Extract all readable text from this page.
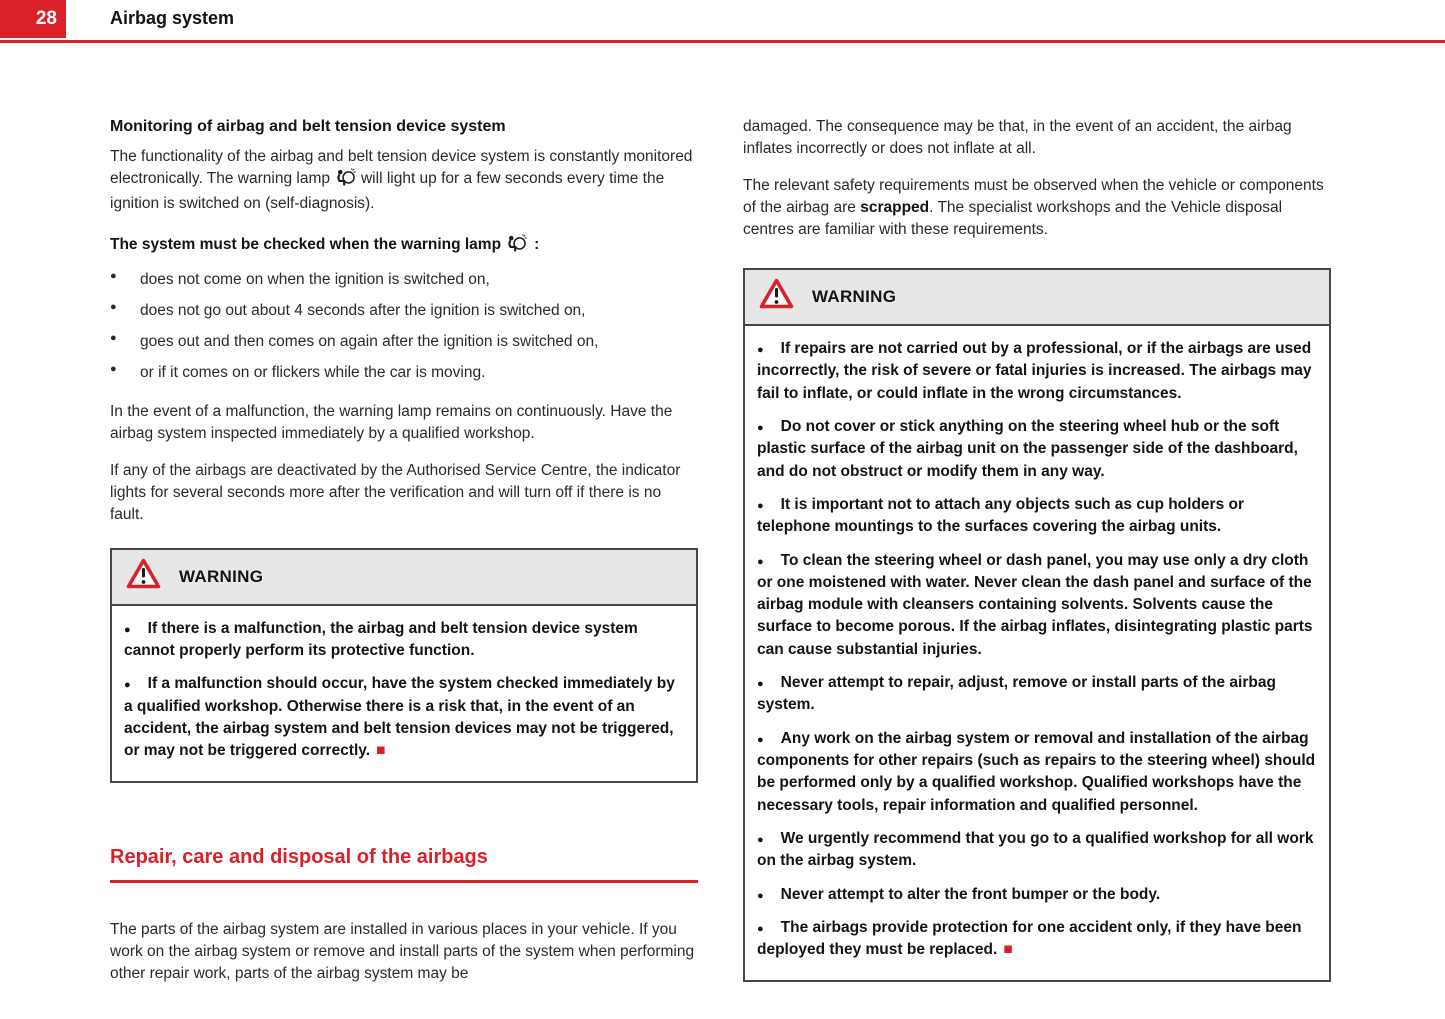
28	Airbag system
Monitoring of airbag and belt tension device system

The functionality of the airbag and belt tension device system is constantly monitored electronically. The warning lamp will light up for a few seconds every time the ignition is switched on (self-diagnosis).

The system must be checked when the warning lamp :
●	does not come on when the ignition is switched on,
●	does not go out about 4 seconds after the ignition is switched on,
●	goes out and then comes on again after the ignition is switched on,
●	or if it comes on or flickers while the car is moving.

In the event of a malfunction, the warning lamp remains on continuously. Have the airbag system inspected immediately by a qualified workshop.

If any of the airbags are deactivated by the Authorised Service Centre, the indicator lights for several seconds more after the verification and will turn off if there is no fault.

WARNING

● If there is a malfunction, the airbag and belt tension device system cannot properly perform its protective function.

● If a malfunction should occur, have the system checked immediately by a qualified workshop. Otherwise there is a risk that, in the event of an accident, the airbag system and belt tension devices may not be triggered, or may not be triggered correctly. ■

Repair, care and disposal of the airbags

The parts of the airbag system are installed in various places in your vehicle. If you work on the airbag system or remove and install parts of the system when performing other repair work, parts of the airbag system may be

damaged. The consequence may be that, in the event of an accident, the airbag inflates incorrectly or does not inflate at all.

The relevant safety requirements must be observed when the vehicle or components of the airbag are scrapped. The specialist workshops and the Vehicle disposal centres are familiar with these requirements.

WARNING

● If repairs are not carried out by a professional, or if the airbags are used incorrectly, the risk of severe or fatal injuries is increased. The airbags may fail to inflate, or could inflate in the wrong circumstances.

● Do not cover or stick anything on the steering wheel hub or the soft plastic surface of the airbag unit on the passenger side of the dashboard, and do not obstruct or modify them in any way.

● It is important not to attach any objects such as cup holders or telephone mountings to the surfaces covering the airbag units.

● To clean the steering wheel or dash panel, you may use only a dry cloth or one moistened with water. Never clean the dash panel and surface of the airbag module with cleansers containing solvents. Solvents cause the surface to become porous. If the airbag inflates, disintegrating plastic parts can cause substantial injuries.

● Never attempt to repair, adjust, remove or install parts of the airbag system.

● Any work on the airbag system or removal and installation of the airbag components for other repairs (such as repairs to the steering wheel) should be performed only by a qualified workshop. Qualified workshops have the necessary tools, repair information and qualified personnel.

● We urgently recommend that you go to a qualified workshop for all work on the airbag system.

● Never attempt to alter the front bumper or the body.

● The airbags provide protection for one accident only, if they have been deployed they must be replaced. ■
